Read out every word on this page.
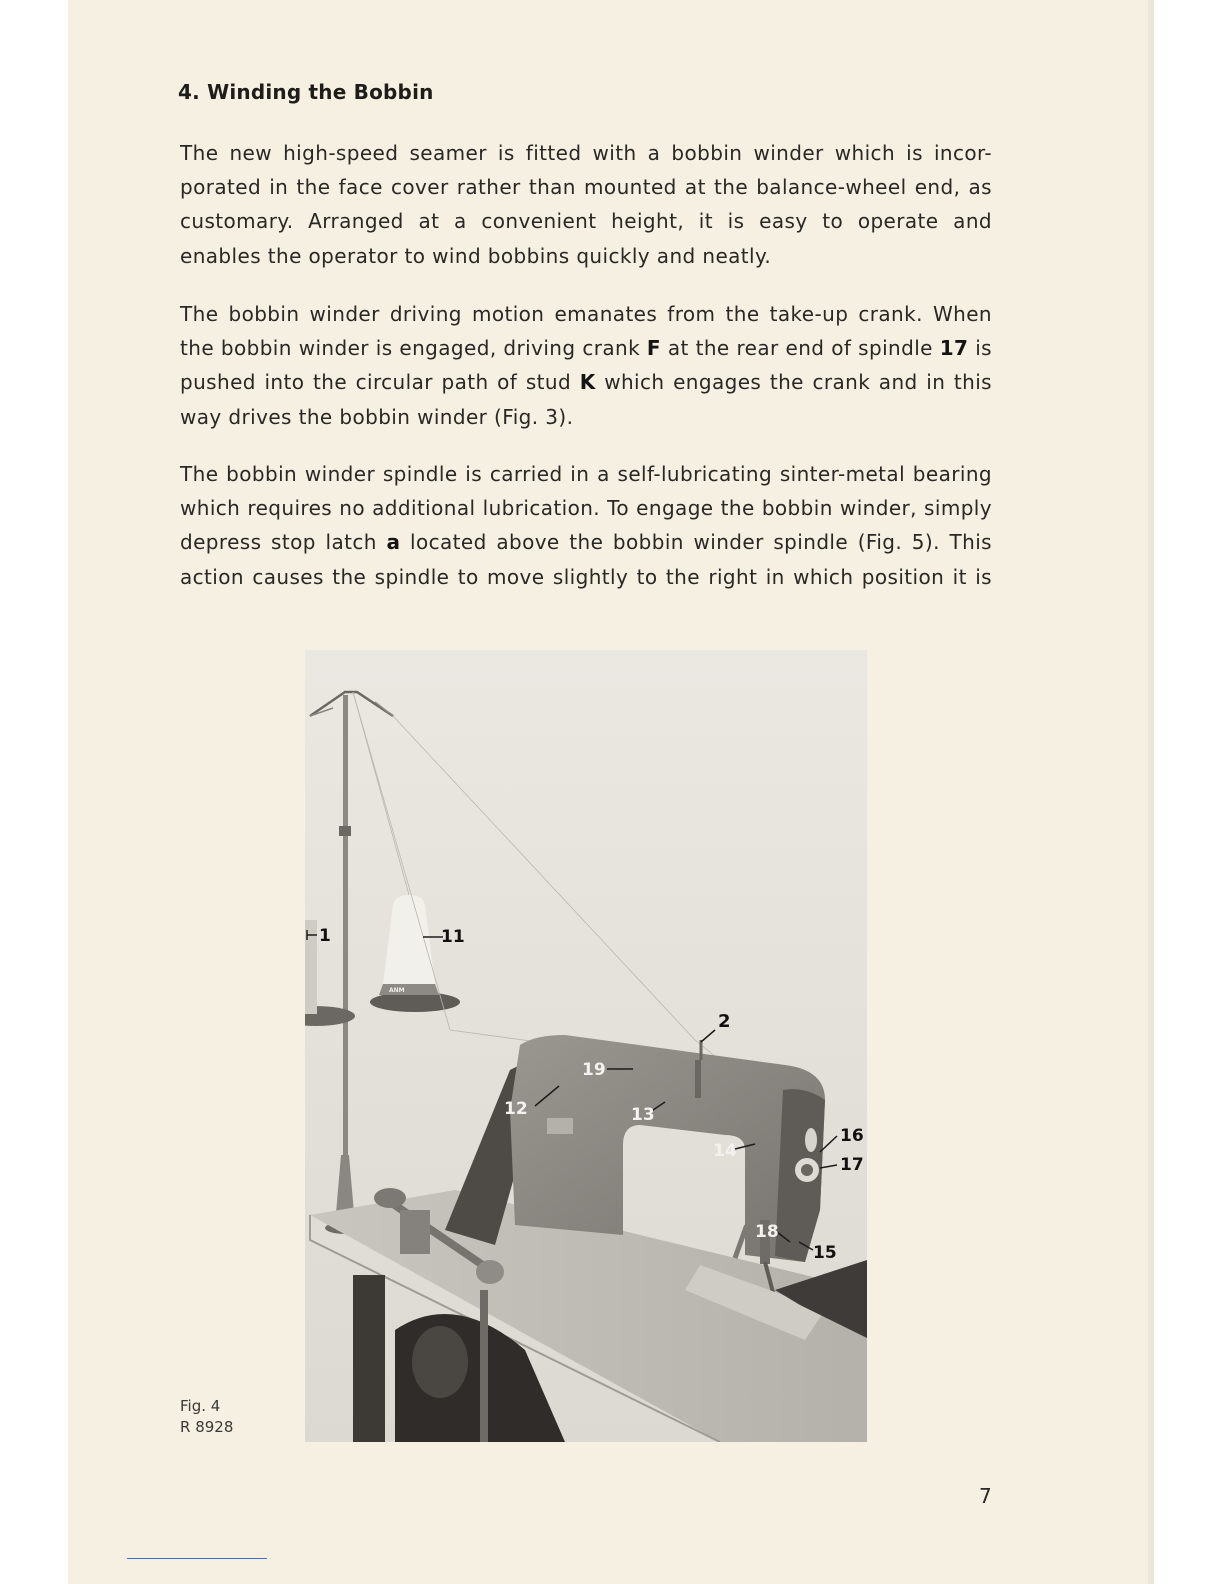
4. Winding the Bobbin

The new high-speed seamer is fitted with a bobbin winder which is incor-porated in the face cover rather than mounted at the balance-wheel end, as customary. Arranged at a convenient height, it is easy to operate and enables the operator to wind bobbins quickly and neatly.

The bobbin winder driving motion emanates from the take-up crank. When the bobbin winder is engaged, driving crank F at the rear end of spindle 17 is pushed into the circular path of stud K which engages the crank and in this way drives the bobbin winder (Fig. 3).

The bobbin winder spindle is carried in a self-lubricating sinter-metal bearing which requires no additional lubrication. To engage the bobbin winder, simply depress stop latch a located above the bobbin winder spindle (Fig. 5). This action causes the spindle to move slightly to the right in which position it is

ANM
1	11
2
19
12	13
14
16
17
18
15
Fig. 4
R 8928
7
